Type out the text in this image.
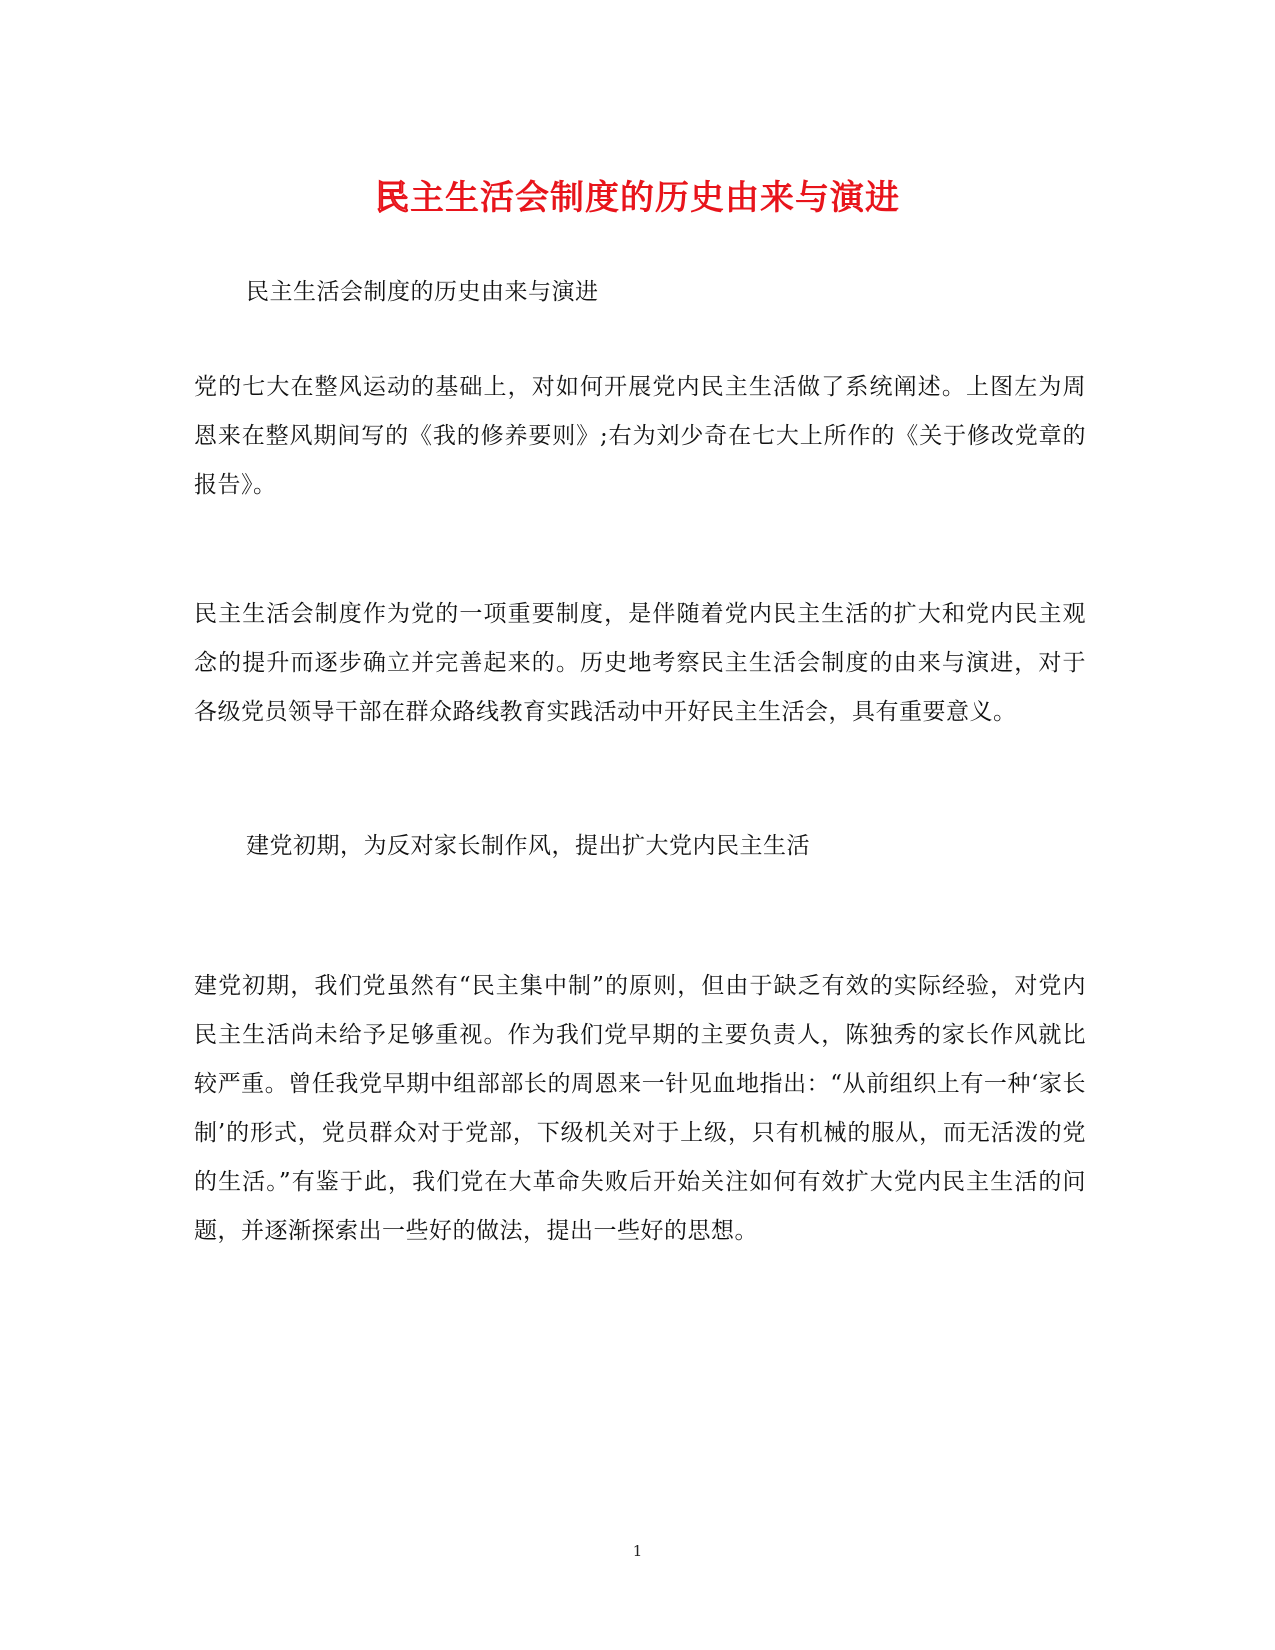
民主生活会制度的历史由来与演进

民主生活会制度的历史由来与演进

党的七大在整风运动的基础上，对如何开展党内民主生活做了系统阐述。上图左为周恩来在整风期间写的《我的修养要则》;右为刘少奇在七大上所作的《关于修改党章的报告》。

民主生活会制度作为党的一项重要制度，是伴随着党内民主生活的扩大和党内民主观念的提升而逐步确立并完善起来的。历史地考察民主生活会制度的由来与演进，对于各级党员领导干部在群众路线教育实践活动中开好民主生活会，具有重要意义。

建党初期，为反对家长制作风，提出扩大党内民主生活

建党初期，我们党虽然有“民主集中制”的原则，但由于缺乏有效的实际经验，对党内民主生活尚未给予足够重视。作为我们党早期的主要负责人，陈独秀的家长作风就比较严重。曾任我党早期中组部部长的周恩来一针见血地指出：“从前组织上有一种‘家长制’的形式，党员群众对于党部，下级机关对于上级，只有机械的服从，而无活泼的党的生活。”有鉴于此，我们党在大革命失败后开始关注如何有效扩大党内民主生活的问题，并逐渐探索出一些好的做法，提出一些好的思想。

1
